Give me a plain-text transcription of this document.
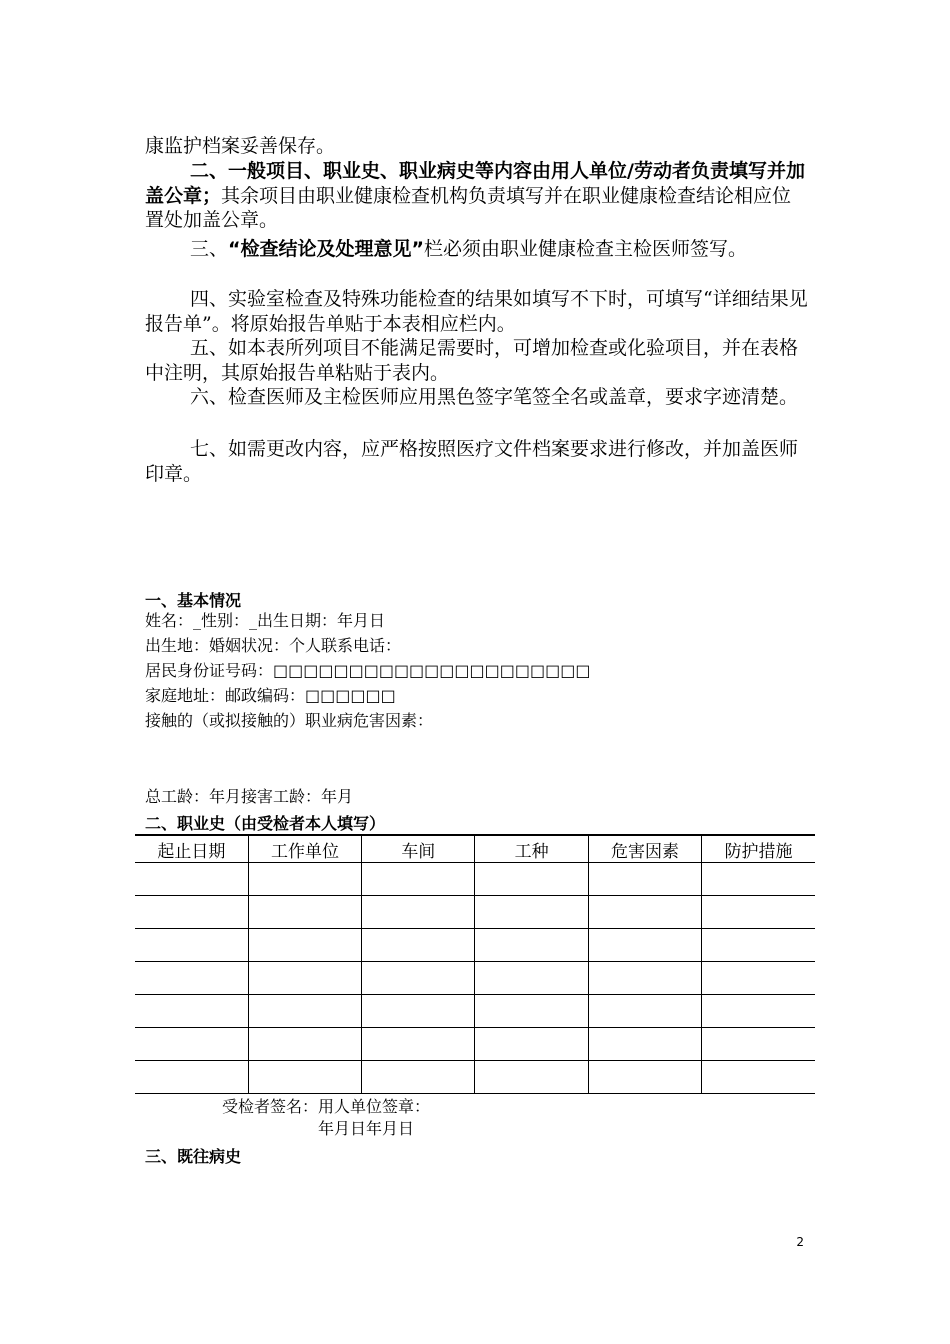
康监护档案妥善保存。

二、一般项目、职业史、职业病史等内容由用人单位/劳动者负责填写并加盖公章；其余项目由职业健康检查机构负责填写并在职业健康检查结论相应位置处加盖公章。

三、“检查结论及处理意见”栏必须由职业健康检查主检医师签写。

四、实验室检查及特殊功能检查的结果如填写不下时，可填写“详细结果见报告单”。将原始报告单贴于本表相应栏内。

五、如本表所列项目不能满足需要时，可增加检查或化验项目，并在表格中注明，其原始报告单粘贴于表内。

六、检查医师及主检医师应用黑色签字笔签全名或盖章，要求字迹清楚。

七、如需更改内容，应严格按照医疗文件档案要求进行修改，并加盖医师印章。

一、基本情况
姓名：_性别：_出生日期：年月日
出生地：婚姻状况：个人联系电话：
居民身份证号码：□□□□□□□□□□□□□□□□□□□□□
家庭地址：邮政编码：□□□□□□
接触的（或拟接触的）职业病危害因素：
总工龄：年月接害工龄：年月
二、职业史（由受检者本人填写）
起止日期	工作单位	车间	工种	危害因素	防护措施

受检者签名：用人单位签章：
年月日年月日
三、既往病史
2
